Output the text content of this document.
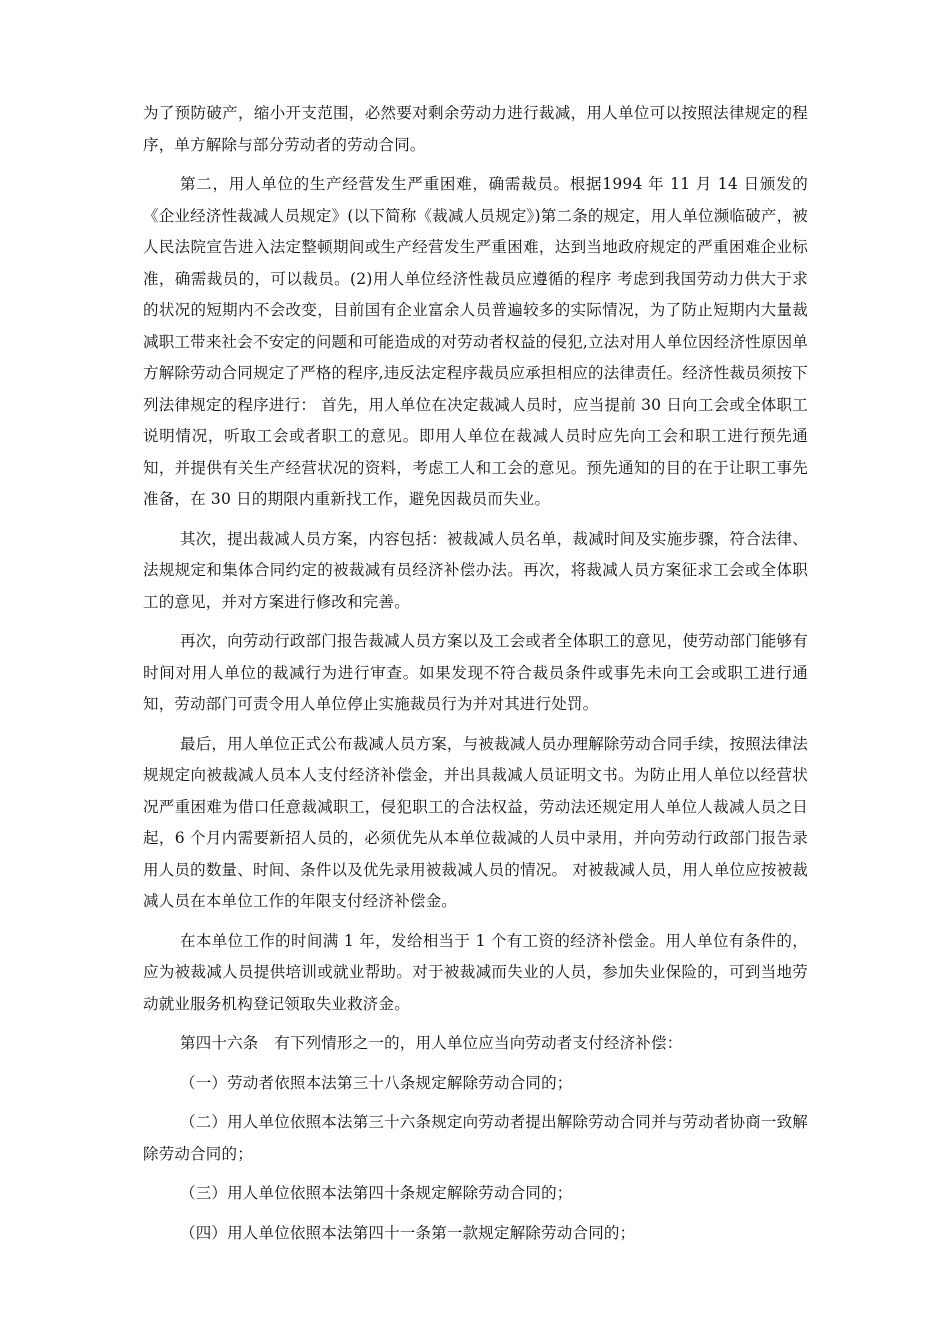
为了预防破产，缩小开支范围，必然要对剩余劳动力进行裁减，用人单位可以按照法律规定的程序，单方解除与部分劳动者的劳动合同。

第二，用人单位的生产经营发生严重困难，确需裁员。根据1994 年 11 月 14 日颁发的《企业经济性裁减人员规定》(以下简称《裁减人员规定》)第二条的规定，用人单位濒临破产，被人民法院宣告进入法定整顿期间或生产经营发生严重困难，达到当地政府规定的严重困难企业标准，确需裁员的，可以裁员。(2)用人单位经济性裁员应遵循的程序 考虑到我国劳动力供大于求的状况的短期内不会改变，目前国有企业富余人员普遍较多的实际情况，为了防止短期内大量裁减职工带来社会不安定的问题和可能造成的对劳动者权益的侵犯,立法对用人单位因经济性原因单方解除劳动合同规定了严格的程序,违反法定程序裁员应承担相应的法律责任。经济性裁员须按下列法律规定的程序进行： 首先，用人单位在决定裁减人员时，应当提前 30 日向工会或全体职工说明情况，听取工会或者职工的意见。即用人单位在裁减人员时应先向工会和职工进行预先通知，并提供有关生产经营状况的资料，考虑工人和工会的意见。预先通知的目的在于让职工事先准备，在 30 日的期限内重新找工作，避免因裁员而失业。

其次，提出裁减人员方案，内容包括：被裁减人员名单，裁减时间及实施步骤，符合法律、法规规定和集体合同约定的被裁减有员经济补偿办法。再次，将裁减人员方案征求工会或全体职工的意见，并对方案进行修改和完善。

再次，向劳动行政部门报告裁减人员方案以及工会或者全体职工的意见，使劳动部门能够有时间对用人单位的裁减行为进行审查。如果发现不符合裁员条件或事先未向工会或职工进行通知，劳动部门可责令用人单位停止实施裁员行为并对其进行处罚。

最后，用人单位正式公布裁减人员方案，与被裁减人员办理解除劳动合同手续，按照法律法规规定向被裁减人员本人支付经济补偿金，并出具裁减人员证明文书。为防止用人单位以经营状况严重困难为借口任意裁减职工，侵犯职工的合法权益，劳动法还规定用人单位人裁减人员之日起，6 个月内需要新招人员的，必须优先从本单位裁减的人员中录用，并向劳动行政部门报告录用人员的数量、时间、条件以及优先录用被裁减人员的情况。 对被裁减人员，用人单位应按被裁减人员在本单位工作的年限支付经济补偿金。

在本单位工作的时间满 1 年，发给相当于 1 个有工资的经济补偿金。用人单位有条件的，应为被裁减人员提供培训或就业帮助。对于被裁减而失业的人员，参加失业保险的，可到当地劳动就业服务机构登记领取失业救济金。

第四十六条　有下列情形之一的，用人单位应当向劳动者支付经济补偿：

（一）劳动者依照本法第三十八条规定解除劳动合同的；

（二）用人单位依照本法第三十六条规定向劳动者提出解除劳动合同并与劳动者协商一致解除劳动合同的；

（三）用人单位依照本法第四十条规定解除劳动合同的；

（四）用人单位依照本法第四十一条第一款规定解除劳动合同的；
